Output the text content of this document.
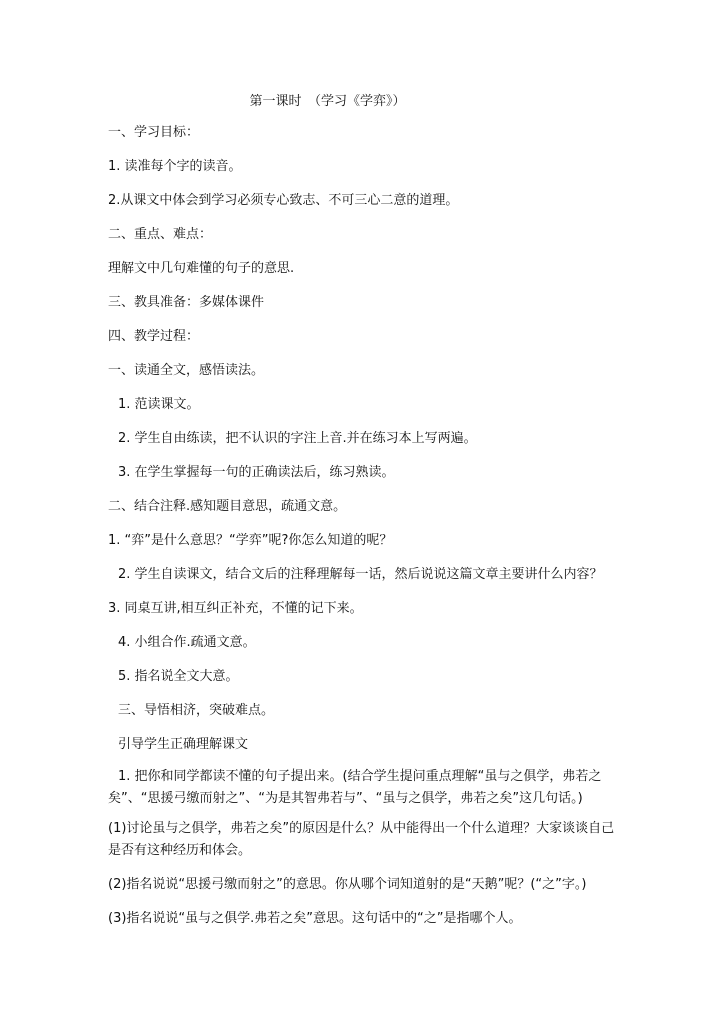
第一课时　（学习《学弈》）
一、学习目标：
1. 读准每个字的读音。
2.从课文中体会到学习必须专心致志、不可三心二意的道理。
二、重点、难点：
理解文中几句难懂的句子的意思.
三、教具准备：多媒体课件
四、教学过程：
一、读通全文，感悟读法。
1. 范读课文。
2. 学生自由练读，把不认识的字注上音.并在练习本上写两遍。
3. 在学生掌握每一句的正确读法后，练习熟读。
二、结合注释.感知题目意思，疏通文意。
1. “弈”是什么意思？“学弈”呢?你怎么知道的呢？
2. 学生自读课文，结合文后的注释理解每一话，然后说说这篇文章主要讲什么内容？
3. 同桌互讲,相互纠正补充，不懂的记下来。
4. 小组合作.疏通文意。
5. 指名说全文大意。
三、导悟相济，突破难点。
引导学生正确理解课文
1. 把你和同学都读不懂的句子提出来。(结合学生提问重点理解“虽与之俱学，弗若之矣”、“思援弓缴而射之”、“为是其智弗若与”、“虽与之俱学，弗若之矣”这几句话。)
(1)讨论虽与之俱学，弗若之矣”的原因是什么？从中能得出一个什么道理？大家谈谈自己是否有这种经历和体会。
(2)指名说说“思援弓缴而射之”的意思。你从哪个词知道射的是“天鹅”呢？(“之”字。)
(3)指名说说“虽与之俱学.弗若之矣”意思。这句话中的“之”是指哪个人。
